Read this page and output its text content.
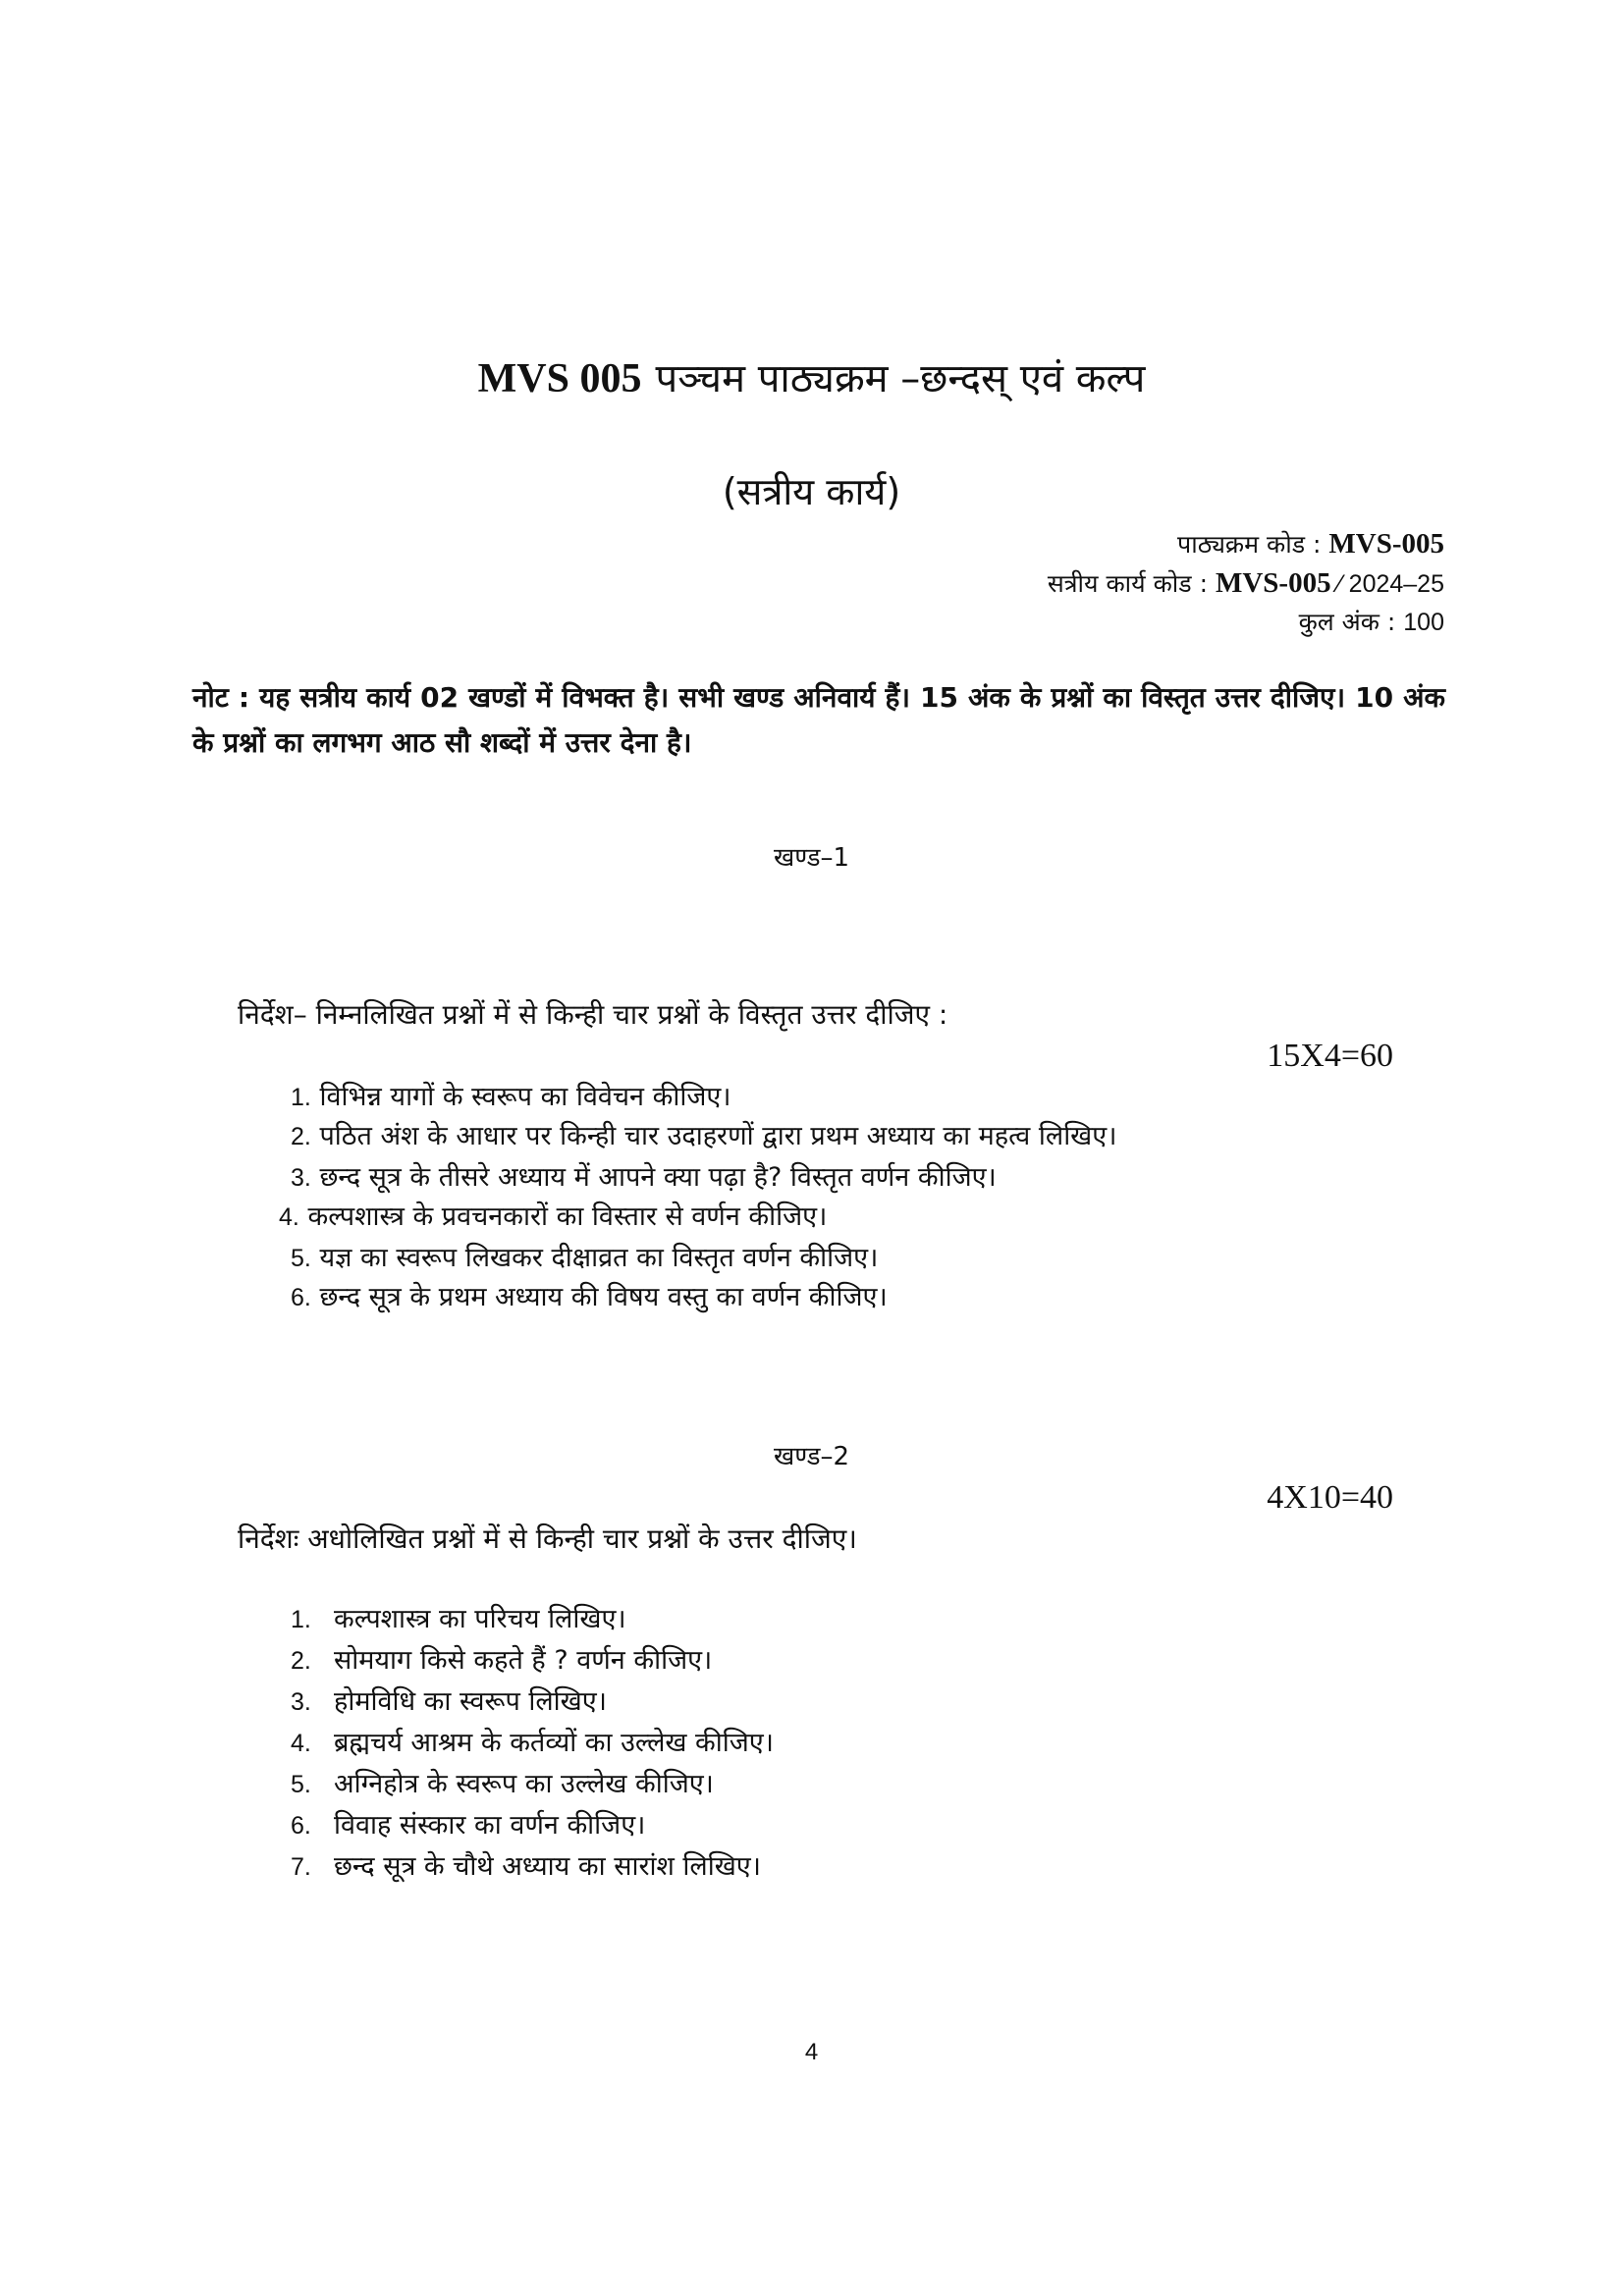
MVS 005 पञ्चम पाठ्यक्रम –छन्दस् एवं कल्प
(सत्रीय कार्य)
पाठ्यक्रम कोड : MVS-005
सत्रीय कार्य कोड : MVS-005 ⁄ 2024–25
कुल अंक : 100
नोट : यह सत्रीय कार्य 02 खण्डों में विभक्त है। सभी खण्ड अनिवार्य हैं। 15 अंक के प्रश्नों का विस्तृत उत्तर दीजिए। 10 अंक के प्रश्नों का लगभग आठ सौ शब्दों में उत्तर देना है।
खण्ड–1
निर्देश– निम्नलिखित प्रश्नों में से किन्ही चार प्रश्नों के विस्तृत उत्तर दीजिए :
15X4=60
1. विभिन्न यागों के स्वरूप का विवेचन कीजिए।
2. पठित अंश के आधार पर किन्ही चार उदाहरणों द्वारा प्रथम अध्याय का महत्व लिखिए।
3. छन्द सूत्र के तीसरे अध्याय में आपने क्या पढ़ा है? विस्तृत वर्णन कीजिए।
4. कल्पशास्त्र के प्रवचनकारों का विस्तार से वर्णन कीजिए।
5. यज्ञ का स्वरूप लिखकर दीक्षाव्रत का विस्तृत वर्णन कीजिए।
6. छन्द सूत्र के प्रथम अध्याय की विषय वस्तु का वर्णन कीजिए।
खण्ड–2
4X10=40
निर्देशः अधोलिखित प्रश्नों में से किन्ही चार प्रश्नों के उत्तर दीजिए।
1. कल्पशास्त्र का परिचय लिखिए।
2. सोमयाग किसे कहते हैं ? वर्णन कीजिए।
3. होमविधि का स्वरूप लिखिए।
4. ब्रह्मचर्य आश्रम के कर्तव्यों का उल्लेख कीजिए।
5. अग्निहोत्र के स्वरूप का उल्लेख कीजिए।
6. विवाह संस्कार का वर्णन कीजिए।
7. छन्द सूत्र के चौथे अध्याय का सारांश लिखिए।
4
